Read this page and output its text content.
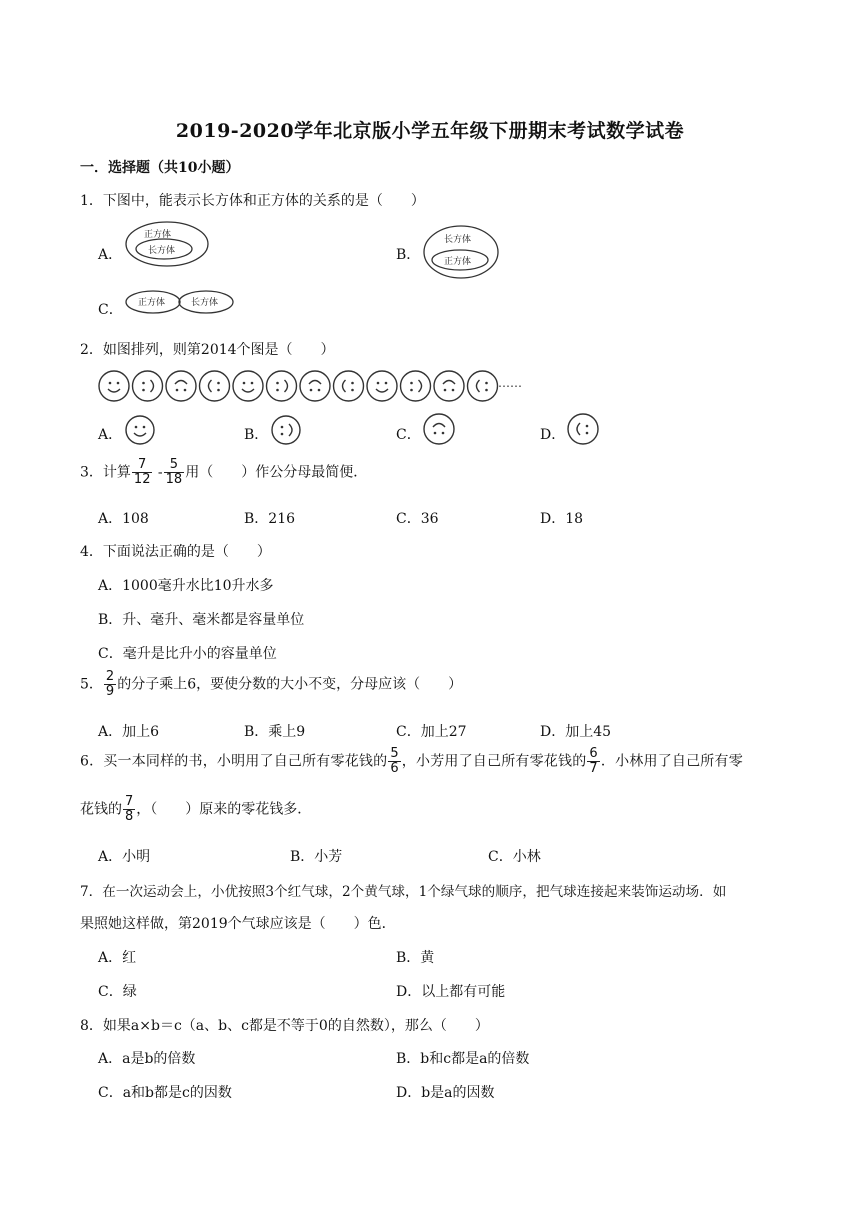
2019-2020学年北京版小学五年级下册期末考试数学试卷
一．选择题（共10小题）
1．下图中，能表示长方体和正方体的关系的是（　　）
A．
正方体
长方体	B．
长方体
正方体
C． 正方体	长方体
2．如图排列，则第2014个图是（　　）
……
A．	B．	C．	D．
3．计算 $\frac{7}{12} - \frac{5}{18}$ 用（　　）作公分母最简便．
A．108	B．216	C．36	D．18
4．下面说法正确的是（　　）
A．1000毫升水比10升水多
B．升、毫升、毫米都是容量单位
C．毫升是比升小的容量单位
5． $\frac{2}{9}$ 的分子乘上6，要使分数的大小不变，分母应该（　　）
A．加上6	B．乘上9	C．加上27	D．加上45
6．买一本同样的书，小明用了自己所有零花钱的 $\frac{5}{6}$ ，小芳用了自己所有零花钱的 $\frac{6}{7}$ ．小林用了自己所有零
花钱的 $\frac{7}{8}$ ，（　　）原来的零花钱多．
A．小明	B．小芳	C．小林
7．在一次运动会上，小优按照3个红气球，2个黄气球，1个绿气球的顺序，把气球连接起来装饰运动场．如
果照她这样做，第2019个气球应该是（　　）色．
A．红	B．黄
C．绿	D．以上都有可能
8．如果a×b＝c（a、b、c都是不等于0的自然数），那么（　　）
A．a是b的倍数	B．b和c都是a的倍数
C．a和b都是c的因数	D．b是a的因数
